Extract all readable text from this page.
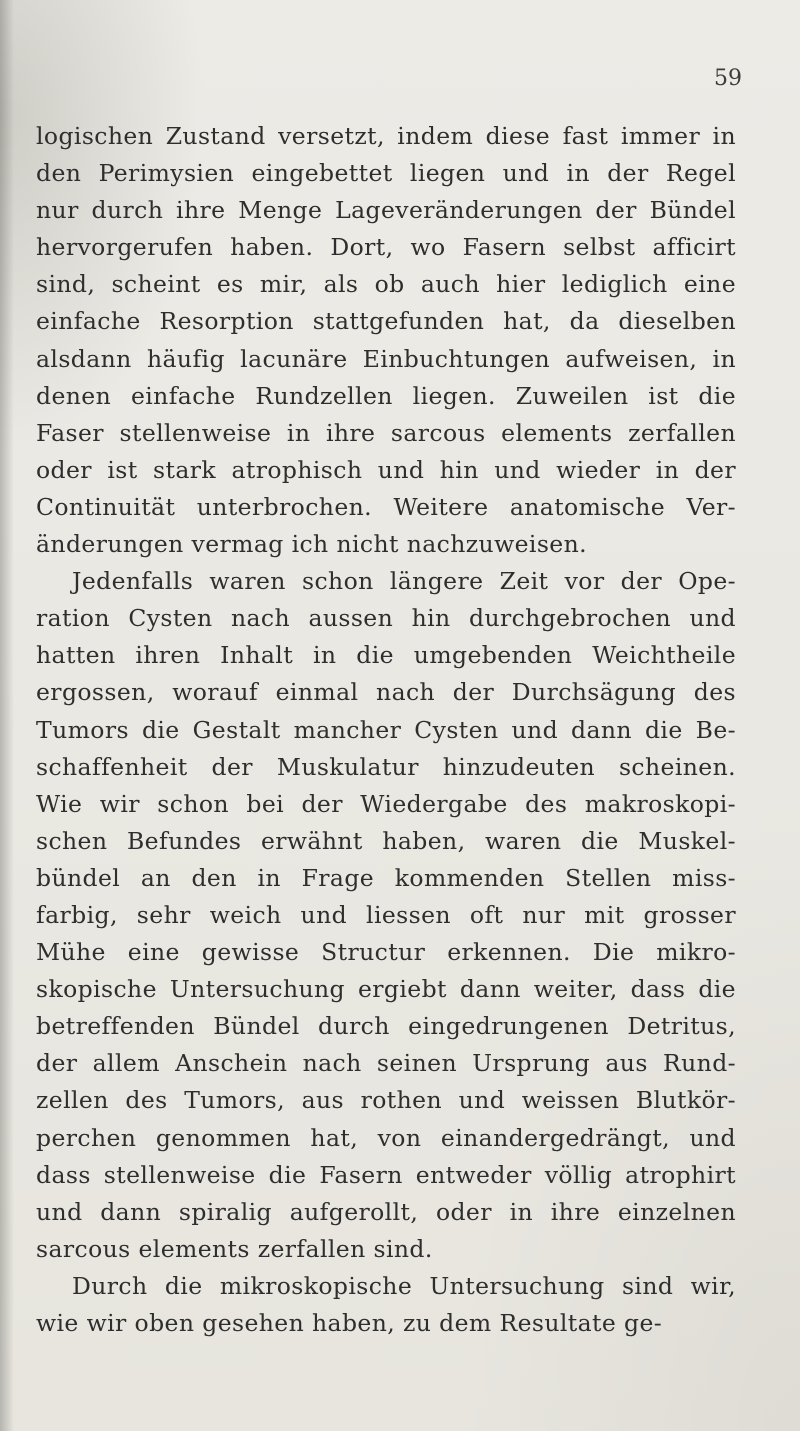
59

logischen Zustand versetzt, indem diese fast immer in
den Perimysien eingebettet liegen und in der Regel
nur durch ihre Menge Lageveränderungen der Bündel
hervorgerufen haben. Dort, wo Fasern selbst afficirt
sind, scheint es mir, als ob auch hier lediglich eine
einfache Resorption stattgefunden hat, da dieselben
alsdann häufig lacunäre Einbuchtungen aufweisen, in
denen einfache Rundzellen liegen. Zuweilen ist die
Faser stellenweise in ihre sarcous elements zerfallen
oder ist stark atrophisch und hin und wieder in der
Continuität unterbrochen. Weitere anatomische Ver-
änderungen vermag ich nicht nachzuweisen.
Jedenfalls waren schon längere Zeit vor der Ope-
ration Cysten nach aussen hin durchgebrochen und
hatten ihren Inhalt in die umgebenden Weichtheile
ergossen, worauf einmal nach der Durchsägung des
Tumors die Gestalt mancher Cysten und dann die Be-
schaffenheit der Muskulatur hinzudeuten scheinen.
Wie wir schon bei der Wiedergabe des makroskopi-
schen Befundes erwähnt haben, waren die Muskel-
bündel an den in Frage kommenden Stellen miss-
farbig, sehr weich und liessen oft nur mit grosser
Mühe eine gewisse Structur erkennen. Die mikro-
skopische Untersuchung ergiebt dann weiter, dass die
betreffenden Bündel durch eingedrungenen Detritus,
der allem Anschein nach seinen Ursprung aus Rund-
zellen des Tumors, aus rothen und weissen Blutkör-
perchen genommen hat, von einandergedrängt, und
dass stellenweise die Fasern entweder völlig atrophirt
und dann spiralig aufgerollt, oder in ihre einzelnen
sarcous elements zerfallen sind.
Durch die mikroskopische Untersuchung sind wir,
wie wir oben gesehen haben, zu dem Resultate ge-
